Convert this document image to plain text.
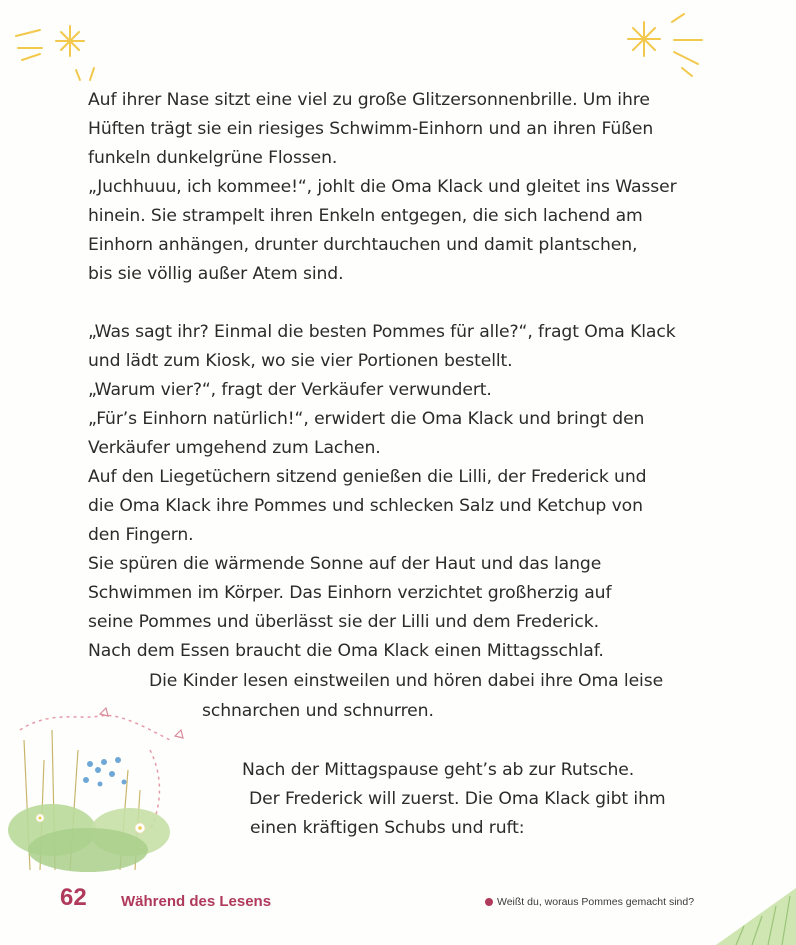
Auf ihrer Nase sitzt eine viel zu große Glitzersonnenbrille. Um ihre
Hüften trägt sie ein riesiges Schwimm-Einhorn und an ihren Füßen
funkeln dunkelgrüne Flossen.
„Juchhuuu, ich kommee!“, johlt die Oma Klack und gleitet ins Wasser
hinein. Sie strampelt ihren Enkeln entgegen, die sich lachend am
Einhorn anhängen, drunter durchtauchen und damit plantschen,
bis sie völlig außer Atem sind.
„Was sagt ihr? Einmal die besten Pommes für alle?“, fragt Oma Klack
und lädt zum Kiosk, wo sie vier Portionen bestellt.
„Warum vier?“, fragt der Verkäufer verwundert.
„Für’s Einhorn natürlich!“, erwidert die Oma Klack und bringt den
Verkäufer umgehend zum Lachen.
Auf den Liegetüchern sitzend genießen die Lilli, der Frederick und
die Oma Klack ihre Pommes und schlecken Salz und Ketchup von
den Fingern.
Sie spüren die wärmende Sonne auf der Haut und das lange
Schwimmen im Körper. Das Einhorn verzichtet großherzig auf
seine Pommes und überlässt sie der Lilli und dem Frederick.
Nach dem Essen braucht die Oma Klack einen Mittagsschlaf.
Die Kinder lesen einstweilen und hören dabei ihre Oma leise
schnarchen und schnurren.
Nach der Mittagspause geht’s ab zur Rutsche.
Der Frederick will zuerst. Die Oma Klack gibt ihm
einen kräftigen Schubs und ruft:
62 Während des Lesens	Weißt du, woraus Pommes gemacht sind?
